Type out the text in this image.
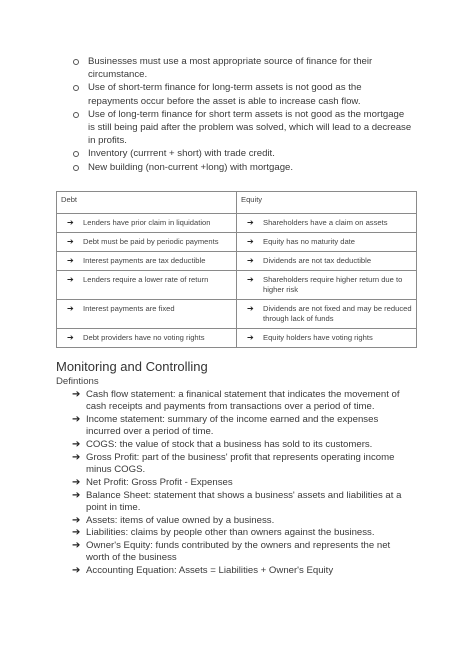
Businesses must use a most appropriate source of finance for their circumstance.
Use of short-term finance for long-term assets is not good as the repayments occur before the asset is able to increase cash flow.
Use of long-term finance for short term assets is not good as the mortgage is still being paid after the problem was solved, which will lead to a decrease in profits.
Inventory (currrent + short) with trade credit.
New building (non-current +long) with mortgage.
Debt	Equity

➔ Lenders have prior claim in liquidation	➔ Shareholders have a claim on assets

➔ Debt must be paid by periodic payments	➔ Equity has no maturity date

➔ Interest payments are tax deductible	➔ Dividends are not tax deductible

➔ Lenders require a lower rate of return	➔ Shareholders require higher return due to higher risk

➔ Interest payments are fixed	➔ Dividends are not fixed and may be reduced through lack of funds

➔ Debt providers have no voting rights	➔ Equity holders have voting rights
Monitoring and Controlling
Defintions
➔ Cash flow statement: a finanical statement that indicates the movement of cash receipts and payments from transactions over a period of time.
➔ Income statement: summary of the income earned and the expenses incurred over a period of time.
➔ COGS: the value of stock that a business has sold to its customers.
➔ Gross Profit: part of the business' profit that represents operating income minus COGS.
➔ Net Profit: Gross Profit - Expenses
➔ Balance Sheet: statement that shows a business' assets and liabilities at a point in time.
➔ Assets: items of value owned by a business.
➔ Liabilities: claims by people other than owners against the business.
➔ Owner's Equity: funds contributed by the owners and represents the net worth of the business
➔ Accounting Equation: Assets = Liabilities + Owner's Equity
